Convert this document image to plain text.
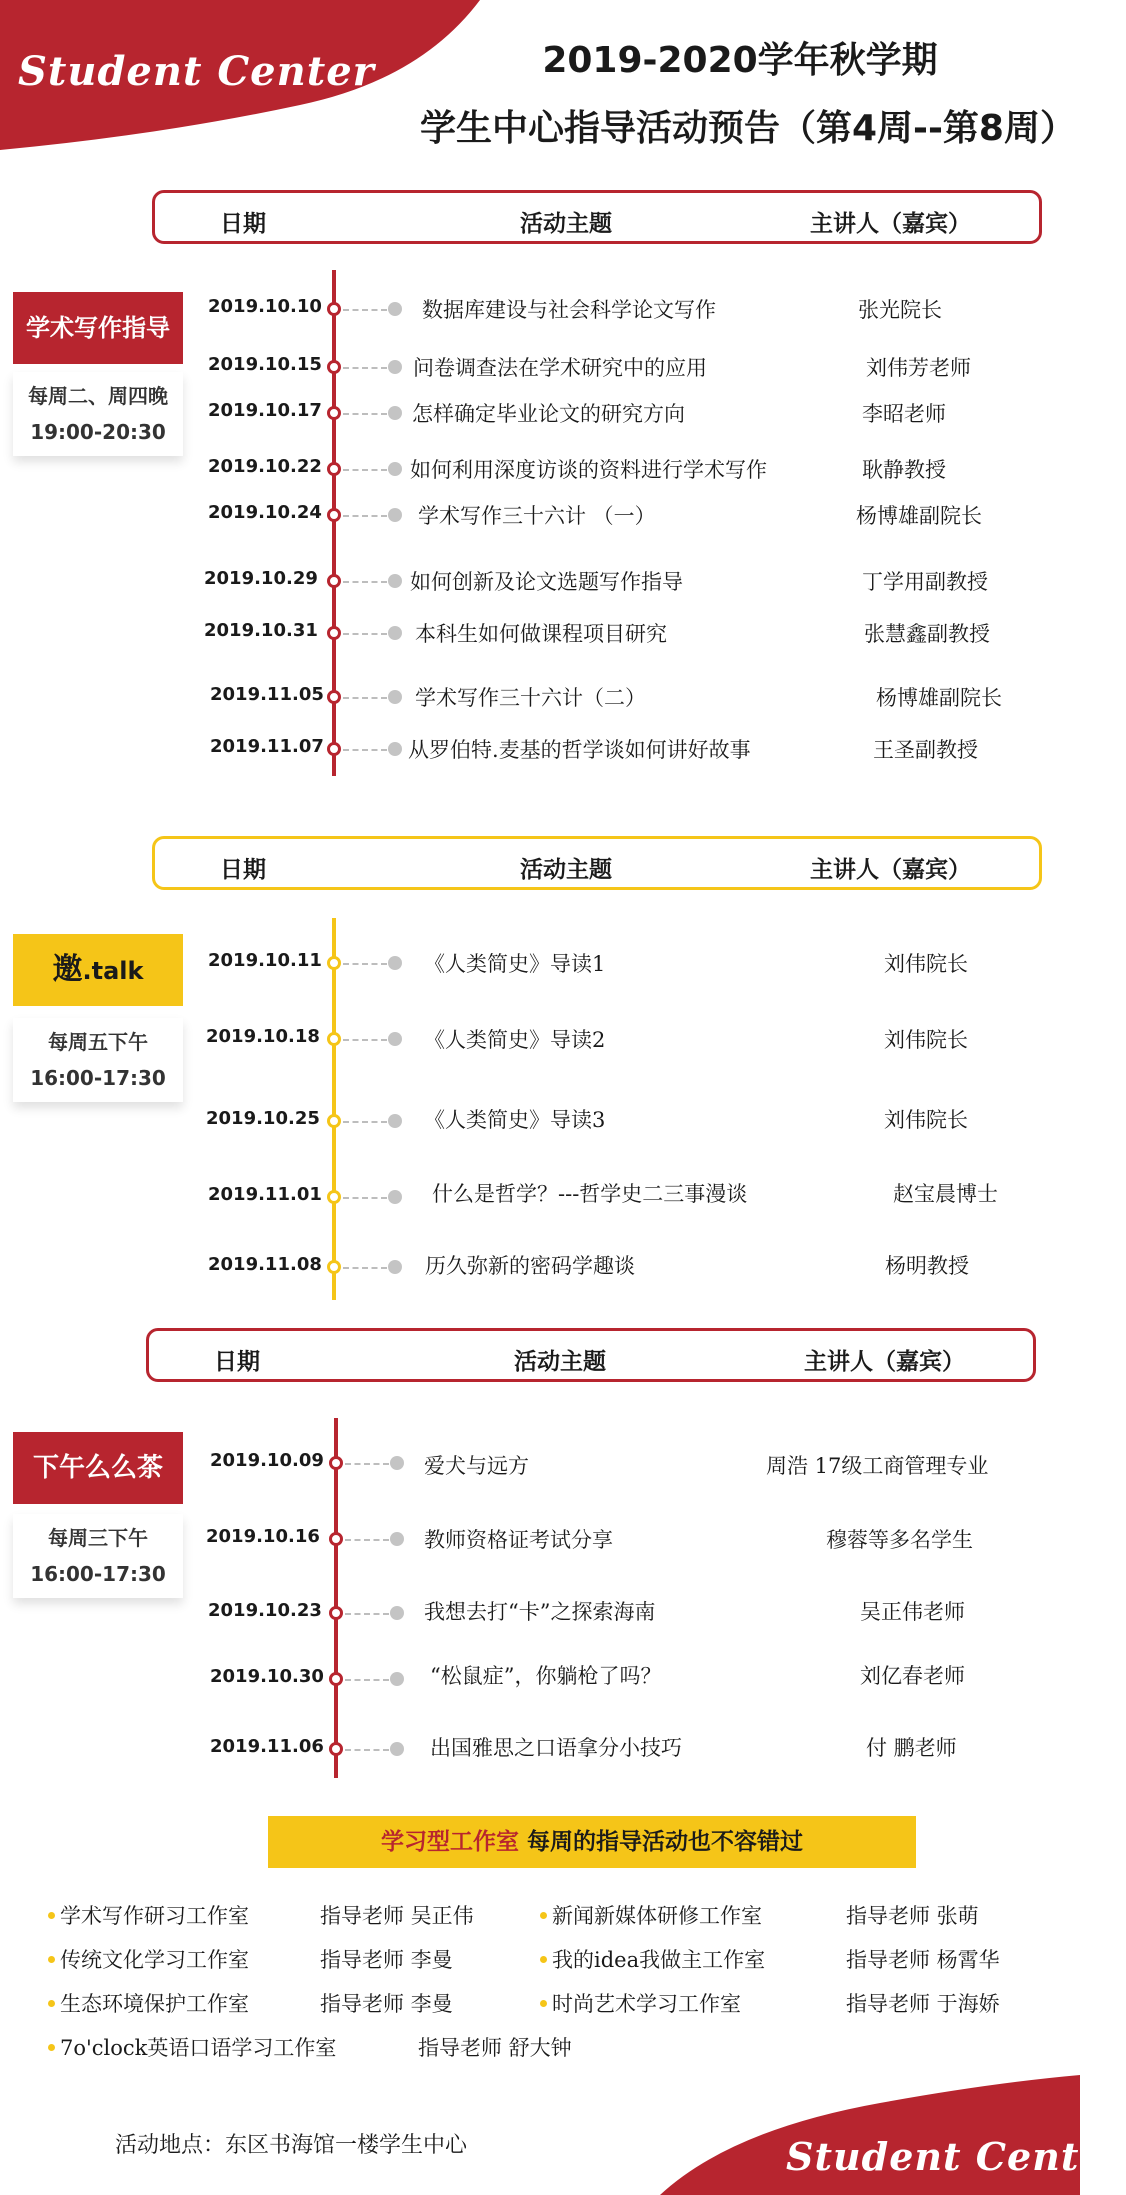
Student Center	2019-2020学年秋学期
学生中心指导活动预告（第4周--第8周）
日期	活动主题	主讲人（嘉宾）
学术写作指导
每周二、周四晚
19:00-20:30
2019.10.10	数据库建设与社会科学论文写作	张光院长
2019.10.15	问卷调查法在学术研究中的应用	刘伟芳老师
2019.10.17	怎样确定毕业论文的研究方向	李昭老师
2019.10.22	如何利用深度访谈的资料进行学术写作	耿静教授
2019.10.24	学术写作三十六计 （一）	杨博雄副院长
2019.10.29	如何创新及论文选题写作指导	丁学用副教授
2019.10.31	本科生如何做课程项目研究	张慧鑫副教授
2019.11.05	学术写作三十六计（二）	杨博雄副院长
2019.11.07	从罗伯特.麦基的哲学谈如何讲好故事	王圣副教授
日期	活动主题	主讲人（嘉宾）
邀.talk
每周五下午
16:00-17:30
2019.10.11	《人类简史》导读1	刘伟院长
2019.10.18	《人类简史》导读2	刘伟院长
2019.10.25	《人类简史》导读3	刘伟院长
2019.11.01	什么是哲学？---哲学史二三事漫谈	赵宝晨博士
2019.11.08	历久弥新的密码学趣谈	杨明教授
日期	活动主题	主讲人（嘉宾）
下午么么茶
每周三下午
16:00-17:30
2019.10.09	爱犬与远方	周浩 17级工商管理专业
2019.10.16	教师资格证考试分享	穆蓉等多名学生
2019.10.23	我想去打“卡”之探索海南	吴正伟老师
2019.10.30	“松鼠症”，你躺枪了吗？	刘亿春老师
2019.11.06	出国雅思之口语拿分小技巧	付 鹏老师
学习型工作室 每周的指导活动也不容错过
学术写作研习工作室	指导老师 吴正伟	新闻新媒体研修工作室	指导老师 张萌
传统文化学习工作室	指导老师 李曼	我的idea我做主工作室	指导老师 杨霄华
生态环境保护工作室	指导老师 李曼	时尚艺术学习工作室	指导老师 于海娇
7o'clock英语口语学习工作室	指导老师 舒大钟
活动地点：东区书海馆一楼学生中心	Student Center
